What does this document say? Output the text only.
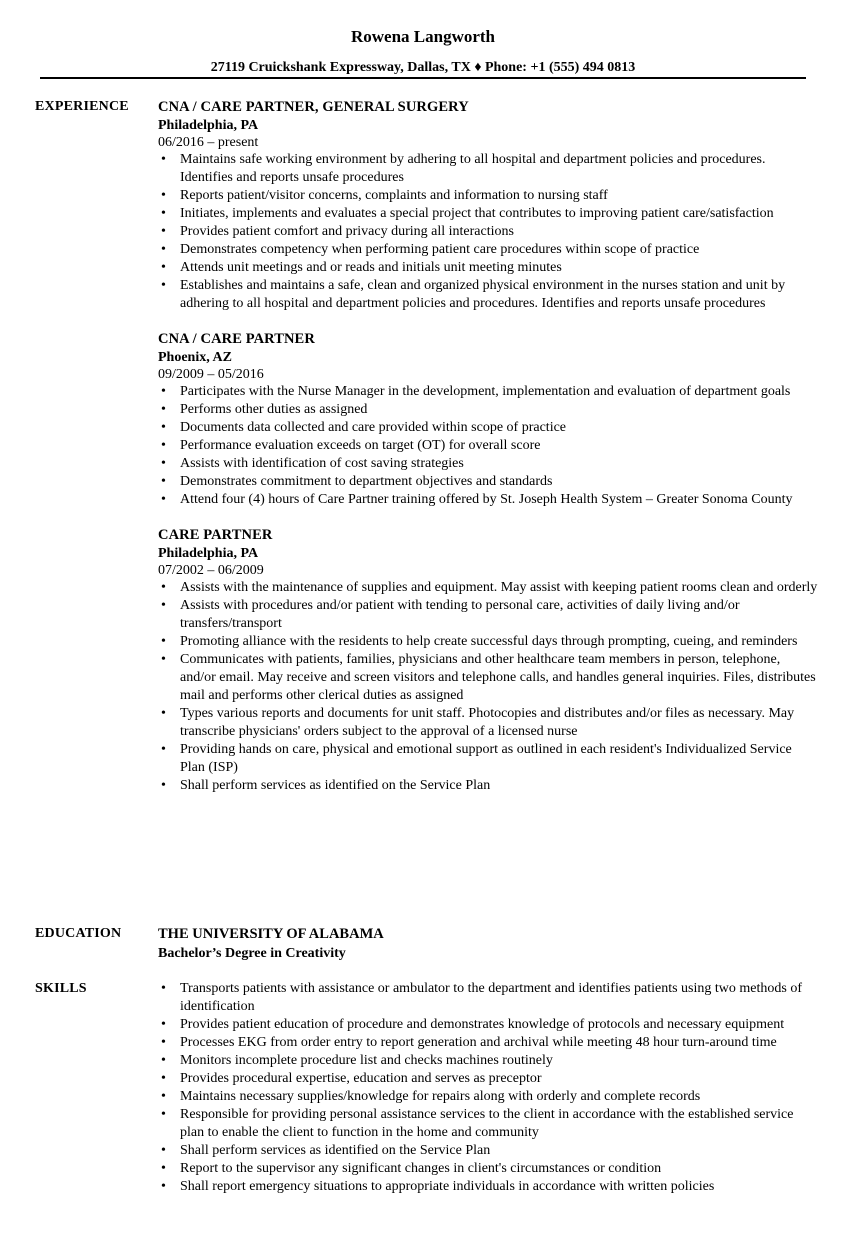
Rowena Langworth
27119 Cruickshank Expressway, Dallas, TX ♦ Phone: +1 (555) 494 0813
EXPERIENCE CNA / CARE PARTNER, GENERAL SURGERY
Philadelphia, PA
06/2016 – present
• Maintains safe working environment by adhering to all hospital and department policies and procedures. Identifies and reports unsafe procedures
• Reports patient/visitor concerns, complaints and information to nursing staff
• Initiates, implements and evaluates a special project that contributes to improving patient care/satisfaction
• Provides patient comfort and privacy during all interactions
• Demonstrates competency when performing patient care procedures within scope of practice
• Attends unit meetings and or reads and initials unit meeting minutes
• Establishes and maintains a safe, clean and organized physical environment in the nurses station and unit by adhering to all hospital and department policies and procedures. Identifies and reports unsafe procedures
CNA / CARE PARTNER
Phoenix, AZ
09/2009 – 05/2016
• Participates with the Nurse Manager in the development, implementation and evaluation of department goals
• Performs other duties as assigned
• Documents data collected and care provided within scope of practice
• Performance evaluation exceeds on target (OT) for overall score
• Assists with identification of cost saving strategies
• Demonstrates commitment to department objectives and standards
• Attend four (4) hours of Care Partner training offered by St. Joseph Health System – Greater Sonoma County
CARE PARTNER
Philadelphia, PA
07/2002 – 06/2009
• Assists with the maintenance of supplies and equipment. May assist with keeping patient rooms clean and orderly
• Assists with procedures and/or patient with tending to personal care, activities of daily living and/or transfers/transport
• Promoting alliance with the residents to help create successful days through prompting, cueing, and reminders
• Communicates with patients, families, physicians and other healthcare team members in person, telephone, and/or email. May receive and screen visitors and telephone calls, and handles general inquiries. Files, distributes mail and performs other clerical duties as assigned
• Types various reports and documents for unit staff. Photocopies and distributes and/or files as necessary. May transcribe physicians' orders subject to the approval of a licensed nurse
• Providing hands on care, physical and emotional support as outlined in each resident's Individualized Service Plan (ISP)
• Shall perform services as identified on the Service Plan
EDUCATION	THE UNIVERSITY OF ALABAMA
Bachelor’s Degree in Creativity
SKILLS
•	Transports patients with assistance or ambulator to the department and identifies patients using two methods of identification
• Provides patient education of procedure and demonstrates knowledge of protocols and necessary equipment
• Processes EKG from order entry to report generation and archival while meeting 48 hour turn-around time
• Monitors incomplete procedure list and checks machines routinely
• Provides procedural expertise, education and serves as preceptor
• Maintains necessary supplies/knowledge for repairs along with orderly and complete records
• Responsible for providing personal assistance services to the client in accordance with the established service plan to enable the client to function in the home and community
• Shall perform services as identified on the Service Plan
• Report to the supervisor any significant changes in client's circumstances or condition
• Shall report emergency situations to appropriate individuals in accordance with written policies
